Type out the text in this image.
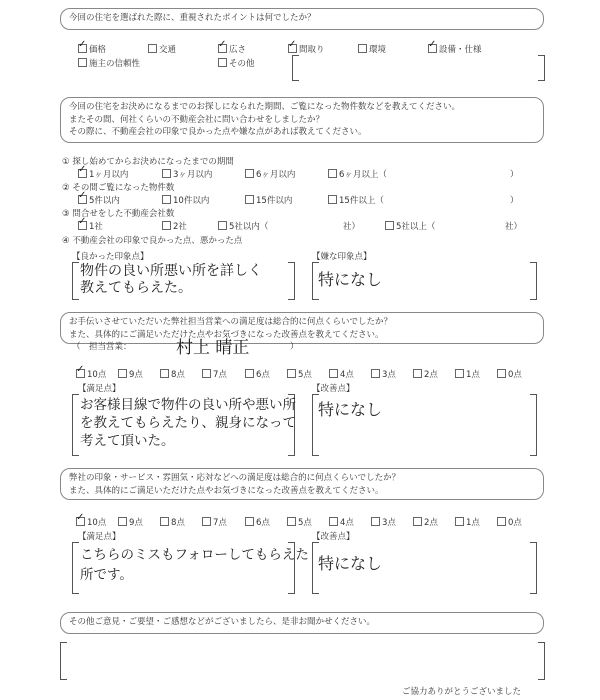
今回の住宅を選ばれた際に、重視されたポイントは何でしたか？
✓価格	交通 ✓	広さ ✓	間取り	環境 ✓	設備・仕様
施主の信頼性	その他
今回の住宅をお決めになるまでのお探しになられた期間、ご覧になった物件数などを教えてください。
またその間、何社くらいの不動産会社に問い合わせをしましたか？
その際に、不動産会社の印象で良かった点や嫌な点があれば教えてください。
① 探し始めてからお決めになったまでの期間
✓1ヶ月以内	3ヶ月以内	6ヶ月以内	6ヶ月以上（	）
② その間ご覧になった物件数
✓5件以内	10件以内	15件以内	15件以上（	）
③ 問合せをした不動産会社数
✓1社	2社	5社以内（	社）	5社以上（	社）
④ 不動産会社の印象で良かった点、悪かった点
【良かった印象点】
物件の良い所悪い所を詳しく
教えてもらえた。
【嫌な印象点】
特になし
お手伝いさせていただいた弊社担当営業への満足度は総合的に何点くらいでしたか？
また、具体的にご満足いただけた点やお気づきになった改善点を教えてください。
（　担当営業：	村上 晴正	）
✓10点	9点	8点	7点	6点	5点	4点	3点	2点	1点	0点
【満足点】
お客様目線で物件の良い所や悪い所
を教えてもらえたり、親身になって
考えて頂いた。
【改善点】
特になし
弊社の印象・サービス・雰囲気・応対などへの満足度は総合的に何点くらいでしたか？
また、具体的にご満足いただけた点やお気づきになった改善点を教えてください。
✓10点	9点	8点	7点	6点	5点	4点	3点	2点	1点	0点
【満足点】
こちらのミスもフォローしてもらえた
所です。
【改善点】
特になし
その他ご意見・ご要望・ご感想などがございましたら、是非お聞かせください。
ご協力ありがとうございました
